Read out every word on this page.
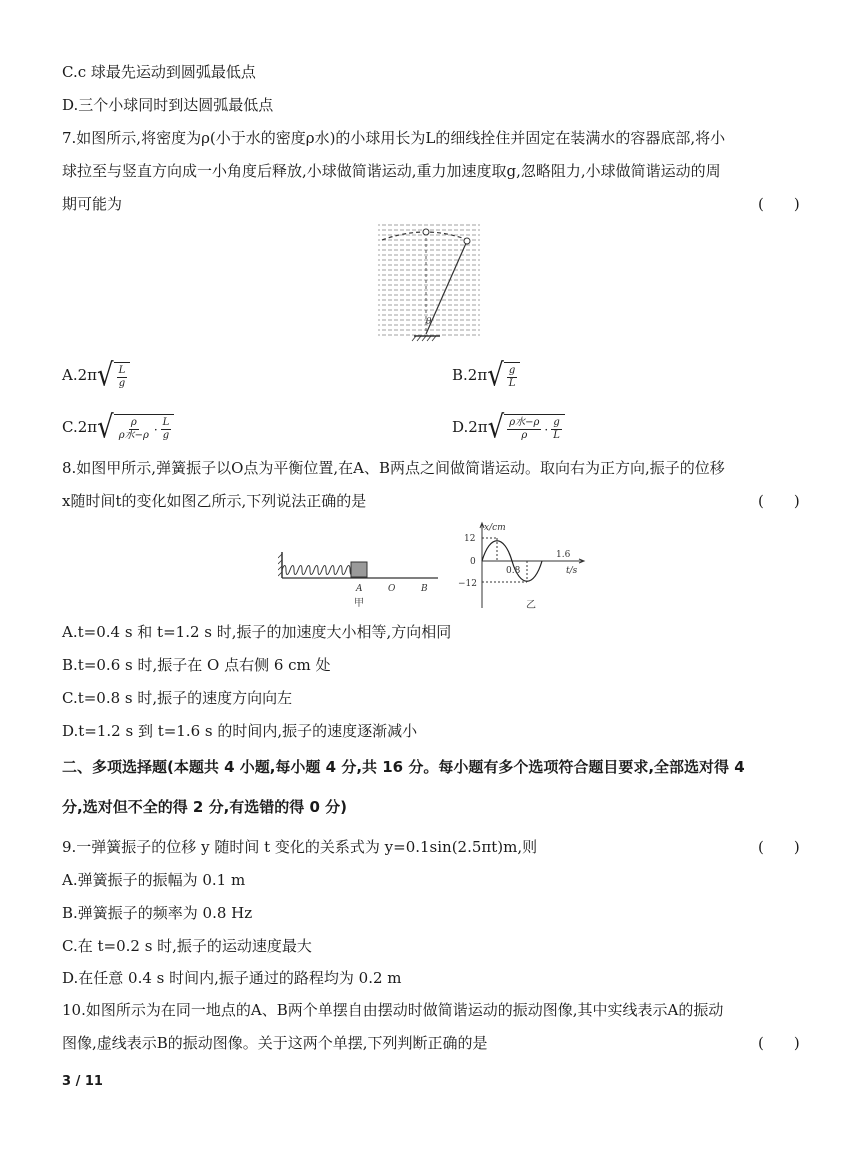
C.c 球最先运动到圆弧最低点
D.三个小球同时到达圆弧最低点
7.如图所示,将密度为ρ(小于水的密度ρ水)的小球用长为L的细线拴住并固定在装满水的容器底部,将小
球拉至与竖直方向成一小角度后释放,小球做简谐运动,重力加速度取g,忽略阻力,小球做简谐运动的周
期可能为	(　　)
θ
A.2π √ $\frac{L}{g}$	B.2π √ $\frac{g}{L}$
C.2π √ $\frac{\rho}{\text{ρ水−ρ}} \cdot \frac{L}{g}$	D.2π √ $\frac{\text{ρ水−ρ}}{\rho} \cdot \frac{g}{L}$
8.如图甲所示,弹簧振子以O点为平衡位置,在A、B两点之间做简谐运动。取向右为正方向,振子的位移
x随时间t的变化如图乙所示,下列说法正确的是	(　　)
A	O	B
甲
x/cm
12
0
−12
0.8
1.6
t/s
乙
A.t=0.4 s 和 t=1.2 s 时,振子的加速度大小相等,方向相同
B.t=0.6 s 时,振子在 O 点右侧 6 cm 处
C.t=0.8 s 时,振子的速度方向向左
D.t=1.2 s 到 t=1.6 s 的时间内,振子的速度逐渐减小
二、多项选择题(本题共 4 小题,每小题 4 分,共 16 分。每小题有多个选项符合题目要求,全部选对得 4
分,选对但不全的得 2 分,有选错的得 0 分)
9.一弹簧振子的位移 y 随时间 t 变化的关系式为 y=0.1sin(2.5πt)m,则	(　　)
A.弹簧振子的振幅为 0.1 m
B.弹簧振子的频率为 0.8 Hz
C.在 t=0.2 s 时,振子的运动速度最大
D.在任意 0.4 s 时间内,振子通过的路程均为 0.2 m
10.如图所示为在同一地点的A、B两个单摆自由摆动时做简谐运动的振动图像,其中实线表示A的振动
图像,虚线表示B的振动图像。关于这两个单摆,下列判断正确的是	(　　)
3 / 11
